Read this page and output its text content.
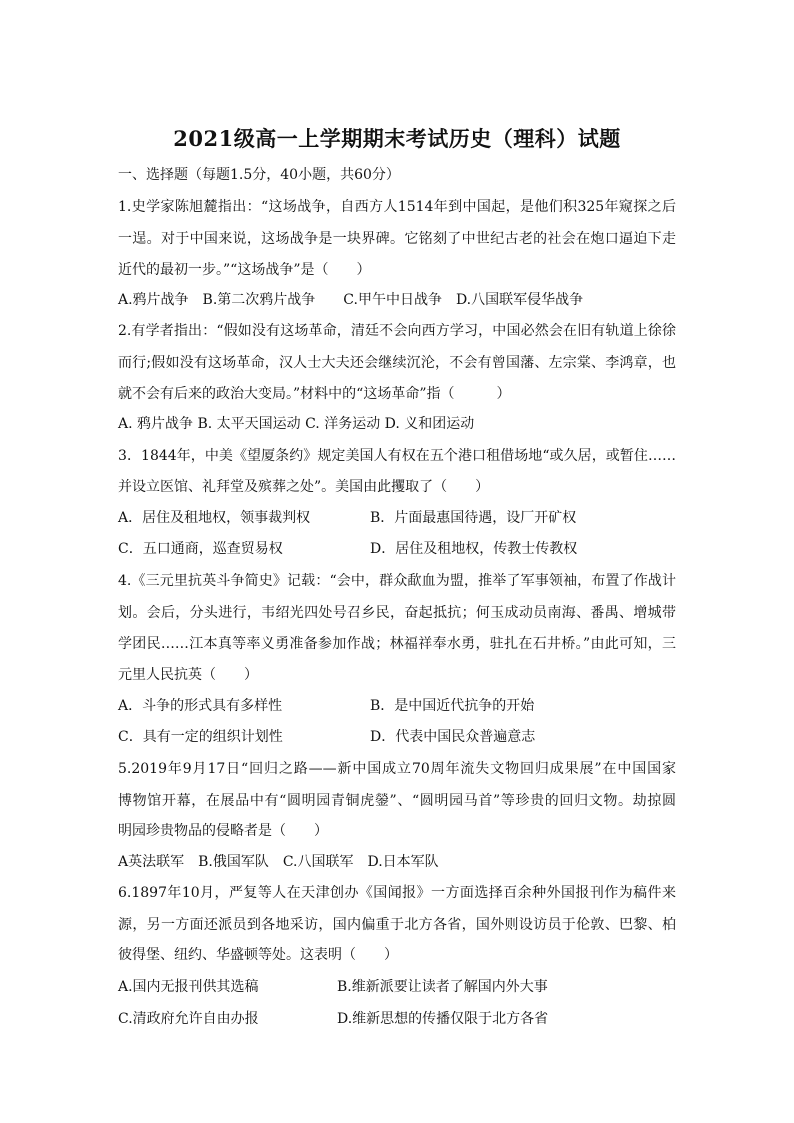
2021级高一上学期期末考试历史（理科）试题
一、选择题（每题1.5分，40小题，共60分）
1.史学家陈旭麓指出：“这场战争，自西方人1514年到中国起，是他们积325年窥探之后
一逞。对于中国来说，这场战争是一块界碑。它铭刻了中世纪古老的社会在炮口逼迫下走
近代的最初一步。”“这场战争”是（　　）
A.鸦片战争　B.第二次鸦片战争　　C.甲午中日战争　D.八国联军侵华战争
2.有学者指出：“假如没有这场革命，清廷不会向西方学习，中国必然会在旧有轨道上徐徐
而行;假如没有这场革命，汉人士大夫还会继续沉沦，不会有曾国藩、左宗棠、李鸿章，也
就不会有后来的政治大变局。”材料中的“这场革命”指（　　　）
A. 鸦片战争 B. 太平天国运动 C. 洋务运动 D. 义和团运动
3．1844年，中美《望厦条约》规定美国人有权在五个港口租借场地“或久居，或暂住……
并设立医馆、礼拜堂及殡葬之处”。美国由此攫取了（　　）
A．居住及租地权，领事裁判权	B．片面最惠国待遇，设厂开矿权
C．五口通商，巡查贸易权	D．居住及租地权，传教士传教权
4.《三元里抗英斗争简史》记载：“会中，群众歃血为盟，推举了军事领袖，布置了作战计
划。会后，分头进行，韦绍光四处号召乡民，奋起抵抗；何玉成动员南海、番禺、增城带
学团民……江本真等率义勇准备参加作战；林福祥奉水勇，驻扎在石井桥。”由此可知，三
元里人民抗英（　　）
A．斗争的形式具有多样性	B．是中国近代抗争的开始
C．具有一定的组织计划性	D．代表中国民众普遍意志
5.2019年9月17日“回归之路——新中国成立70周年流失文物回归成果展”在中国国家
博物馆开幕，在展品中有“圆明园青铜虎鎣”、“圆明园马首”等珍贵的回归文物。劫掠圆
明园珍贵物品的侵略者是（　　）
A英法联军　B.俄国军队　C.八国联军　D.日本军队
6.1897年10月，严复等人在天津创办《国闻报》一方面选择百余种外国报刊作为稿件来
源，另一方面还派员到各地采访，国内偏重于北方各省，国外则设访员于伦敦、巴黎、柏
彼得堡、纽约、华盛顿等处。这表明（　　）
A.国内无报刊供其选稿	B.维新派要让读者了解国内外大事
C.清政府允许自由办报	D.维新思想的传播仅限于北方各省
